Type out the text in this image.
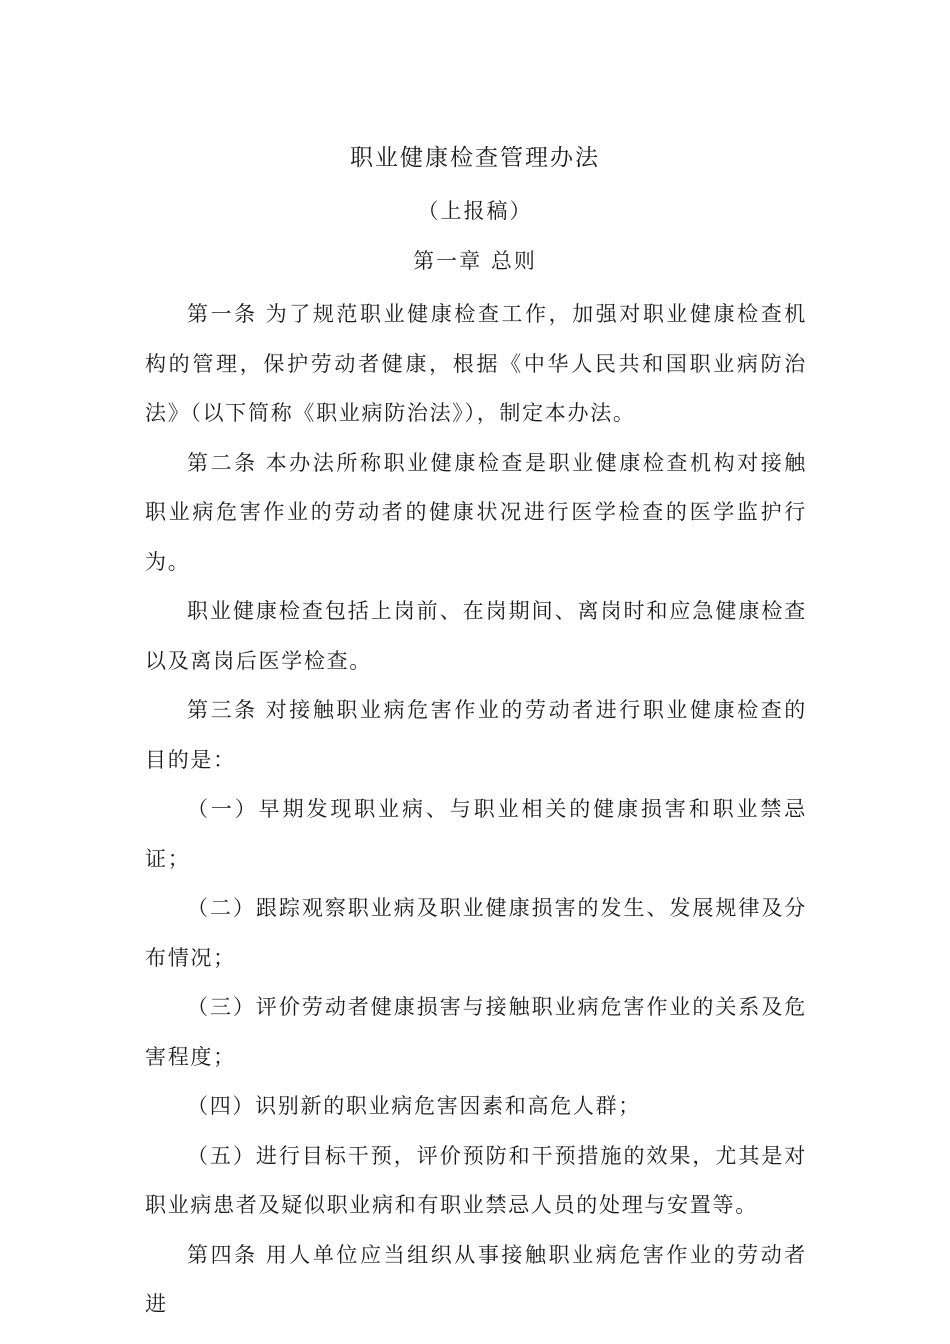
职业健康检查管理办法
（上报稿）
第一章 总则

第一条 为了规范职业健康检查工作，加强对职业健康检查机构的管理，保护劳动者健康，根据《中华人民共和国职业病防治法》（以下简称《职业病防治法》），制定本办法。

第二条 本办法所称职业健康检查是职业健康检查机构对接触职业病危害作业的劳动者的健康状况进行医学检查的医学监护行为。

职业健康检查包括上岗前、在岗期间、离岗时和应急健康检查以及离岗后医学检查。

第三条 对接触职业病危害作业的劳动者进行职业健康检查的目的是：

（一）早期发现职业病、与职业相关的健康损害和职业禁忌证；

（二）跟踪观察职业病及职业健康损害的发生、发展规律及分布情况；

（三）评价劳动者健康损害与接触职业病危害作业的关系及危害程度；

（四）识别新的职业病危害因素和高危人群；

（五）进行目标干预，评价预防和干预措施的效果，尤其是对职业病患者及疑似职业病和有职业禁忌人员的处理与安置等。

第四条 用人单位应当组织从事接触职业病危害作业的劳动者进
